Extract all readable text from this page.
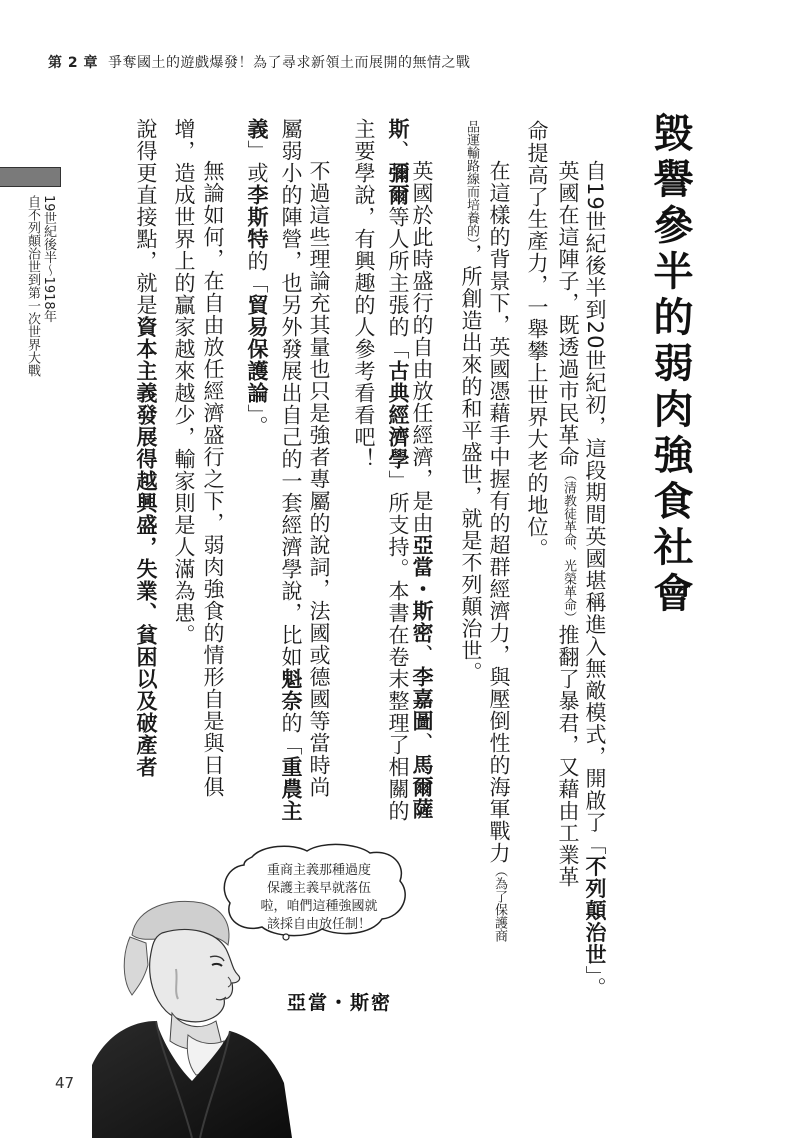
第 2 章 爭奪國土的遊戲爆發！為了尋求新領土而展開的無情之戰
19世紀後半〜1918年
自不列顛治世到第一次世界大戰	毀譽參半的弱肉強食社會
自19世紀後半到20世紀初，這段期間英國堪稱進入無敵模式，開啟了「不列顛治世」。
英國在這陣子，既透過市民革命（清教徒革命、光榮革命）推翻了暴君，又藉由工業革
命提高了生產力，一舉攀上世界大老的地位。
在這樣的背景下，英國憑藉手中握有的超群經濟力，與壓倒性的海軍戰力（為了保護商
品運輸路線而培養的），所創造出來的和平盛世，就是不列顛治世。
英國於此時盛行的自由放任經濟，是由亞當・斯密、李嘉圖、馬爾薩
斯、彌爾等人所主張的「古典經濟學」所支持。本書在卷末整理了相關的
主要學說，有興趣的人參考看看吧！
不過這些理論充其量也只是強者專屬的說詞，法國或德國等當時尚
屬弱小的陣營，也另外發展出自己的一套經濟學說，比如魁奈的「重農主
義」或李斯特的「貿易保護論」。
無論如何，在自由放任經濟盛行之下，弱肉強食的情形自是與日俱
增，造成世界上的贏家越來越少，輸家則是人滿為患。
說得更直接點，就是資本主義發展得越興盛，失業、貧困以及破產者
重商主義那種過度
保護主義早就落伍
啦，咱們這種強國就
該採自由放任制！
亞當・斯密
47
